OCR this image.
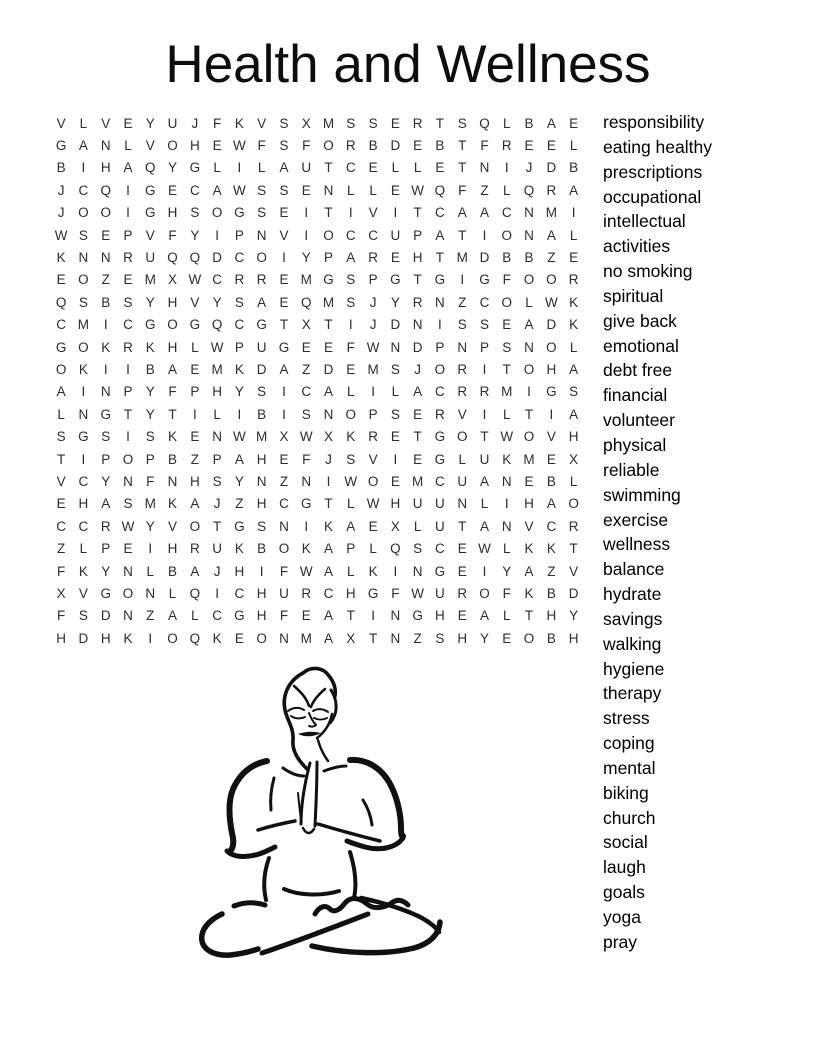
Health and Wellness
V	L	V E Y U	J	F	K V S X M S S E R T	S Q L	B A E
G A N	L	V O H E W F	S	F O R B D E B	T	F R E E	L
B	I	H A Q Y G L	I	L	A U T C E	L	L	E	T N	I	J	D B
J	C Q	I	G E C A W S S E N	L	L	E W Q F	Z	L Q R A
J	O O	I	G H S O G S E	I	T	I	V	I	T C A A C N M	I
W S E P V	F	Y	I	P N V	I	O C C U P A	T	I	O N A	L
K N N R U Q Q D C O	I	Y P A R E H T M D B B	Z	E
E O Z	E M X W C R R E M G S P G T G	I	G F O O R
Q S B S Y H V Y S A E Q M S	J	Y R N Z C O L W K
C M	I	C G O G Q C G T	X	T	I	J	D N	I	S S E A D K
G O K R K H	L W P U G E E	F W N D P N P S N O L
O K	I	I	B A E M K D A	Z D E M S	J	O R	I	T O H A
A	I	N P Y	F	P H Y S	I	C A	L	I	L	A C R R M	I	G S
L	N G T	Y	T	I	L	I	B	I	S N O P S E R V	I	L	T	I	A
S G S	I	S K E N W M X W X K R E	T G O T W O V H
T	I	P O P B	Z	P A H E	F	J	S V	I	E G L	U K M E X
V C Y N F N H S Y N Z N	I	W O E M C U A N E B	L
E H A S M K A	J	Z H C G T	L W H U U N	L	I	H A O
C C R W Y V O T G S N	I	K A E X	L	U T	A N V C R
Z	L	P E	I	H R U K B O K A P	L Q S C E W L	K K	T
F	K Y N	L	B A	J	H	I	F W A	L	K	I	N G E	I	Y A	Z	V
X V G O N	L Q	I	C H U R C H G F W U R O F	K B D
F	S D N Z	A	L	C G H F	E A	T	I	N G H E A	L	T H Y
H D H K	I	O Q K E O N M A X	T N Z	S H Y E O B H
responsibility
eating healthy
prescriptions
occupational
intellectual
activities
no smoking
spiritual
give back
emotional
debt free
financial
volunteer
physical
reliable
swimming
exercise
wellness
balance
hydrate
savings
walking
hygiene
therapy
stress
coping
mental
biking
church
social
laugh
goals
yoga
pray
